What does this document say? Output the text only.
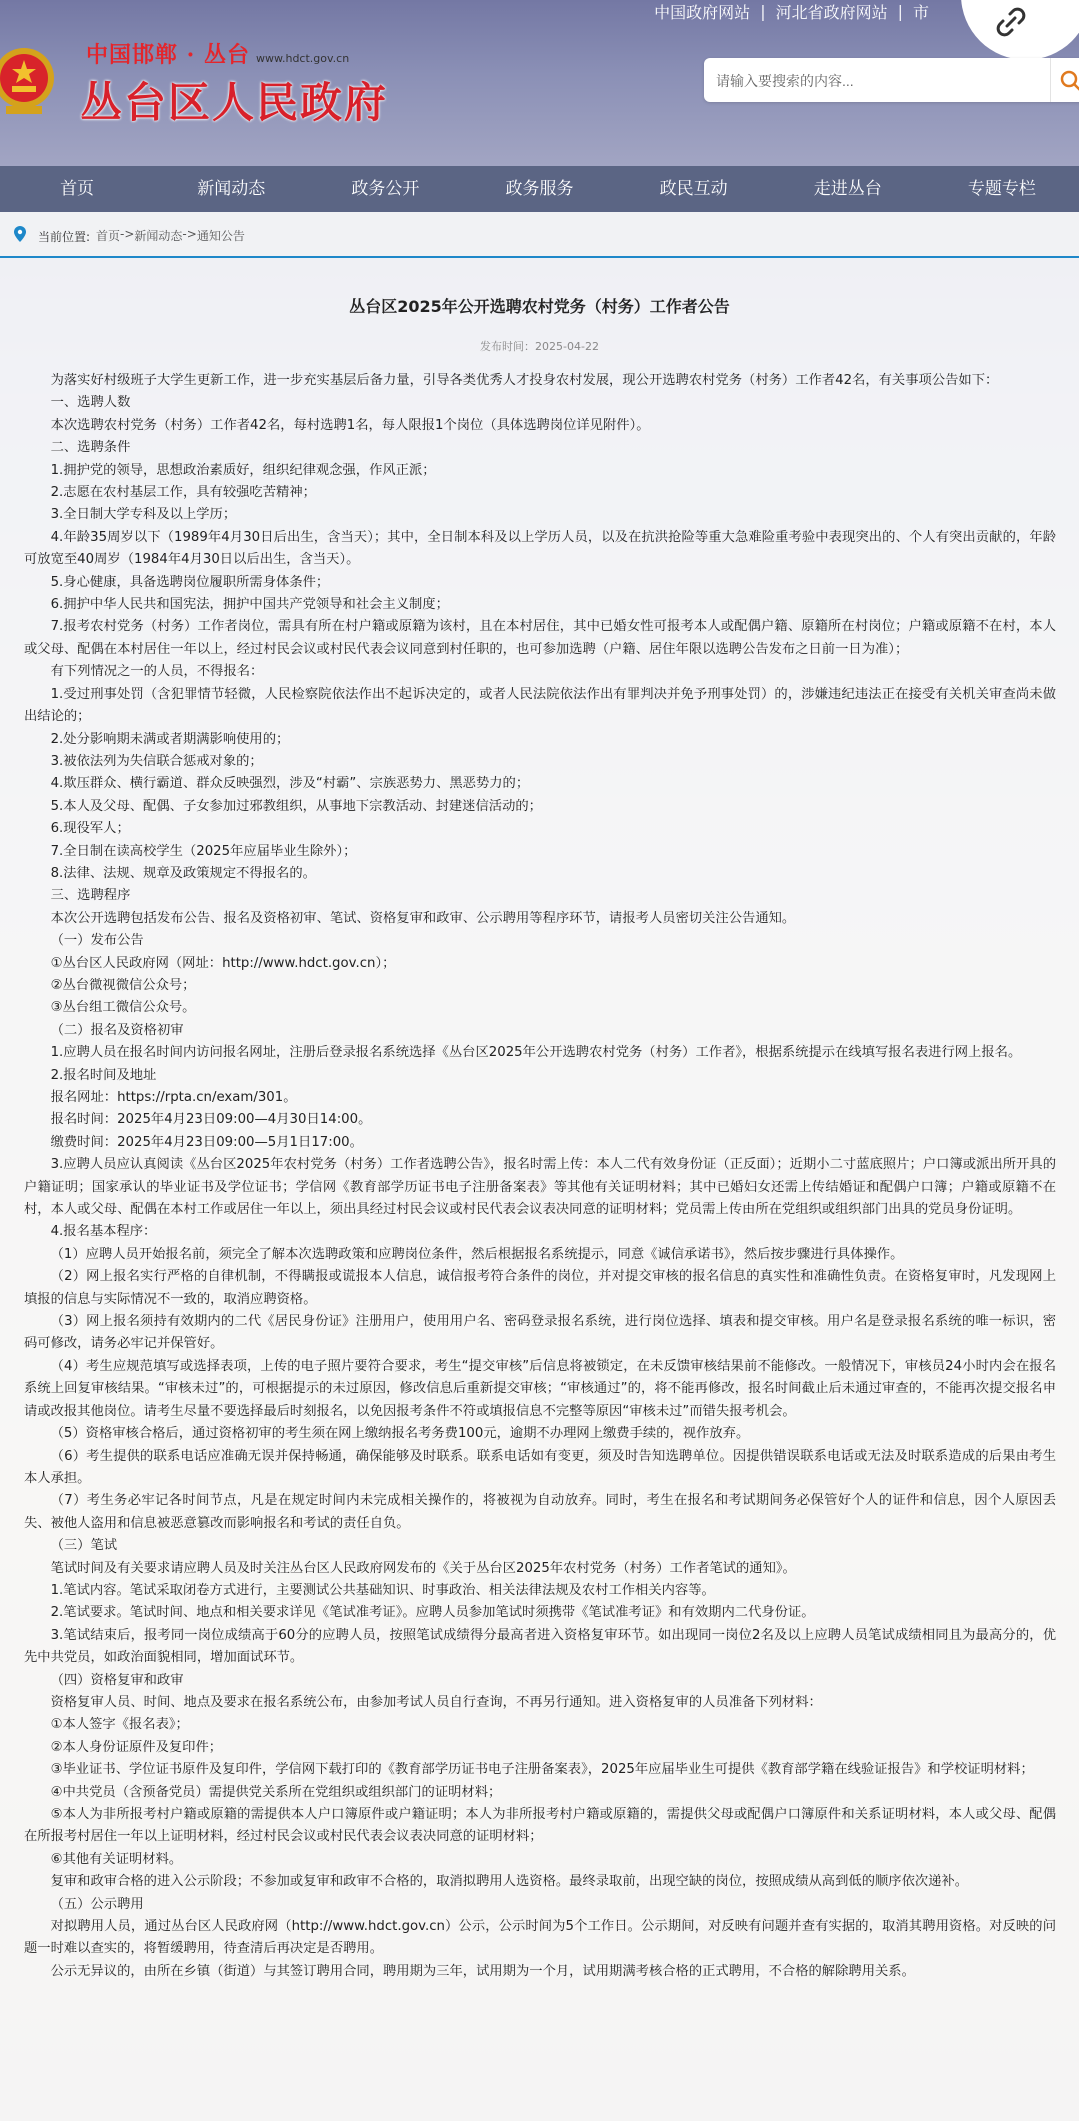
中国政府网站 | 河北省政府网站 | 市
中国邯郸 · 丛台 www.hdct.gov.cn
丛台区人民政府
请输入要搜索的内容...
首页	新闻动态	政务公开	政务服务	政民互动	走进丛台	专题专栏
当前位置: 首页 -> 新闻动态 -> 通知公告
丛台区2025年公开选聘农村党务（村务）工作者公告
发布时间：2025-04-22

为落实好村级班子大学生更新工作，进一步充实基层后备力量，引导各类优秀人才投身农村发展，现公开选聘农村党务（村务）工作者42名，有关事项公告如下：

一、选聘人数

本次选聘农村党务（村务）工作者42名，每村选聘1名，每人限报1个岗位（具体选聘岗位详见附件）。

二、选聘条件

1.拥护党的领导，思想政治素质好，组织纪律观念强，作风正派；

2.志愿在农村基层工作，具有较强吃苦精神；

3.全日制大学专科及以上学历；

4.年龄35周岁以下（1989年4月30日后出生，含当天）；其中，全日制本科及以上学历人员，以及在抗洪抢险等重大急难险重考验中表现突出的、个人有突出贡献的，年龄可放宽至40周岁（1984年4月30日以后出生，含当天）。

5.身心健康，具备选聘岗位履职所需身体条件；

6.拥护中华人民共和国宪法，拥护中国共产党领导和社会主义制度；

7.报考农村党务（村务）工作者岗位，需具有所在村户籍或原籍为该村，且在本村居住，其中已婚女性可报考本人或配偶户籍、原籍所在村岗位；户籍或原籍不在村，本人或父母、配偶在本村居住一年以上，经过村民会议或村民代表会议同意到村任职的，也可参加选聘（户籍、居住年限以选聘公告发布之日前一日为准）；

有下列情况之一的人员，不得报名：

1.受过刑事处罚（含犯罪情节轻微，人民检察院依法作出不起诉决定的，或者人民法院依法作出有罪判决并免予刑事处罚）的，涉嫌违纪违法正在接受有关机关审查尚未做出结论的；

2.处分影响期未满或者期满影响使用的；

3.被依法列为失信联合惩戒对象的；

4.欺压群众、横行霸道、群众反映强烈，涉及“村霸”、宗族恶势力、黑恶势力的；

5.本人及父母、配偶、子女参加过邪教组织，从事地下宗教活动、封建迷信活动的；

6.现役军人；

7.全日制在读高校学生（2025年应届毕业生除外）；

8.法律、法规、规章及政策规定不得报名的。

三、选聘程序

本次公开选聘包括发布公告、报名及资格初审、笔试、资格复审和政审、公示聘用等程序环节，请报考人员密切关注公告通知。

（一）发布公告

①丛台区人民政府网（网址：http://www.hdct.gov.cn）；

②丛台微视微信公众号；

③丛台组工微信公众号。

（二）报名及资格初审

1.应聘人员在报名时间内访问报名网址，注册后登录报名系统选择《丛台区2025年公开选聘农村党务（村务）工作者》，根据系统提示在线填写报名表进行网上报名。

2.报名时间及地址

报名网址：https://rpta.cn/exam/301。

报名时间：2025年4月23日09:00—4月30日14:00。

缴费时间：2025年4月23日09:00—5月1日17:00。

3.应聘人员应认真阅读《丛台区2025年农村党务（村务）工作者选聘公告》，报名时需上传：本人二代有效身份证（正反面）；近期小二寸蓝底照片；户口簿或派出所开具的户籍证明；国家承认的毕业证书及学位证书；学信网《教育部学历证书电子注册备案表》等其他有关证明材料；其中已婚妇女还需上传结婚证和配偶户口簿；户籍或原籍不在村，本人或父母、配偶在本村工作或居住一年以上，须出具经过村民会议或村民代表会议表决同意的证明材料；党员需上传由所在党组织或组织部门出具的党员身份证明。

4.报名基本程序：

（1）应聘人员开始报名前，须完全了解本次选聘政策和应聘岗位条件，然后根据报名系统提示，同意《诚信承诺书》，然后按步骤进行具体操作。

（2）网上报名实行严格的自律机制，不得瞒报或谎报本人信息，诚信报考符合条件的岗位，并对提交审核的报名信息的真实性和准确性负责。在资格复审时，凡发现网上填报的信息与实际情况不一致的，取消应聘资格。

（3）网上报名须持有效期内的二代《居民身份证》注册用户，使用用户名、密码登录报名系统，进行岗位选择、填表和提交审核。用户名是登录报名系统的唯一标识，密码可修改，请务必牢记并保管好。

（4）考生应规范填写或选择表项，上传的电子照片要符合要求，考生“提交审核”后信息将被锁定，在未反馈审核结果前不能修改。一般情况下，审核员24小时内会在报名系统上回复审核结果。“审核未过”的，可根据提示的未过原因，修改信息后重新提交审核；“审核通过”的，将不能再修改，报名时间截止后未通过审查的，不能再次提交报名申请或改报其他岗位。请考生尽量不要选择最后时刻报名，以免因报考条件不符或填报信息不完整等原因“审核未过”而错失报考机会。

（5）资格审核合格后，通过资格初审的考生须在网上缴纳报名考务费100元，逾期不办理网上缴费手续的，视作放弃。

（6）考生提供的联系电话应准确无误并保持畅通，确保能够及时联系。联系电话如有变更，须及时告知选聘单位。因提供错误联系电话或无法及时联系造成的后果由考生本人承担。

（7）考生务必牢记各时间节点，凡是在规定时间内未完成相关操作的，将被视为自动放弃。同时，考生在报名和考试期间务必保管好个人的证件和信息，因个人原因丢失、被他人盗用和信息被恶意篡改而影响报名和考试的责任自负。

（三）笔试

笔试时间及有关要求请应聘人员及时关注丛台区人民政府网发布的《关于丛台区2025年农村党务（村务）工作者笔试的通知》。

1.笔试内容。笔试采取闭卷方式进行，主要测试公共基础知识、时事政治、相关法律法规及农村工作相关内容等。

2.笔试要求。笔试时间、地点和相关要求详见《笔试准考证》。应聘人员参加笔试时须携带《笔试准考证》和有效期内二代身份证。

3.笔试结束后，报考同一岗位成绩高于60分的应聘人员，按照笔试成绩得分最高者进入资格复审环节。如出现同一岗位2名及以上应聘人员笔试成绩相同且为最高分的，优先中共党员，如政治面貌相同，增加面试环节。

（四）资格复审和政审

资格复审人员、时间、地点及要求在报名系统公布，由参加考试人员自行查询，不再另行通知。进入资格复审的人员准备下列材料：

①本人签字《报名表》；

②本人身份证原件及复印件；

③毕业证书、学位证书原件及复印件，学信网下载打印的《教育部学历证书电子注册备案表》，2025年应届毕业生可提供《教育部学籍在线验证报告》和学校证明材料；

④中共党员（含预备党员）需提供党关系所在党组织或组织部门的证明材料；

⑤本人为非所报考村户籍或原籍的需提供本人户口簿原件或户籍证明；本人为非所报考村户籍或原籍的，需提供父母或配偶户口簿原件和关系证明材料，本人或父母、配偶在所报考村居住一年以上证明材料，经过村民会议或村民代表会议表决同意的证明材料；

⑥其他有关证明材料。

复审和政审合格的进入公示阶段；不参加或复审和政审不合格的，取消拟聘用人选资格。最终录取前，出现空缺的岗位，按照成绩从高到低的顺序依次递补。

（五）公示聘用

对拟聘用人员，通过丛台区人民政府网（http://www.hdct.gov.cn）公示，公示时间为5个工作日。公示期间，对反映有问题并查有实据的，取消其聘用资格。对反映的问题一时难以查实的，将暂缓聘用，待查清后再决定是否聘用。

公示无异议的，由所在乡镇（街道）与其签订聘用合同，聘用期为三年，试用期为一个月，试用期满考核合格的正式聘用，不合格的解除聘用关系。
